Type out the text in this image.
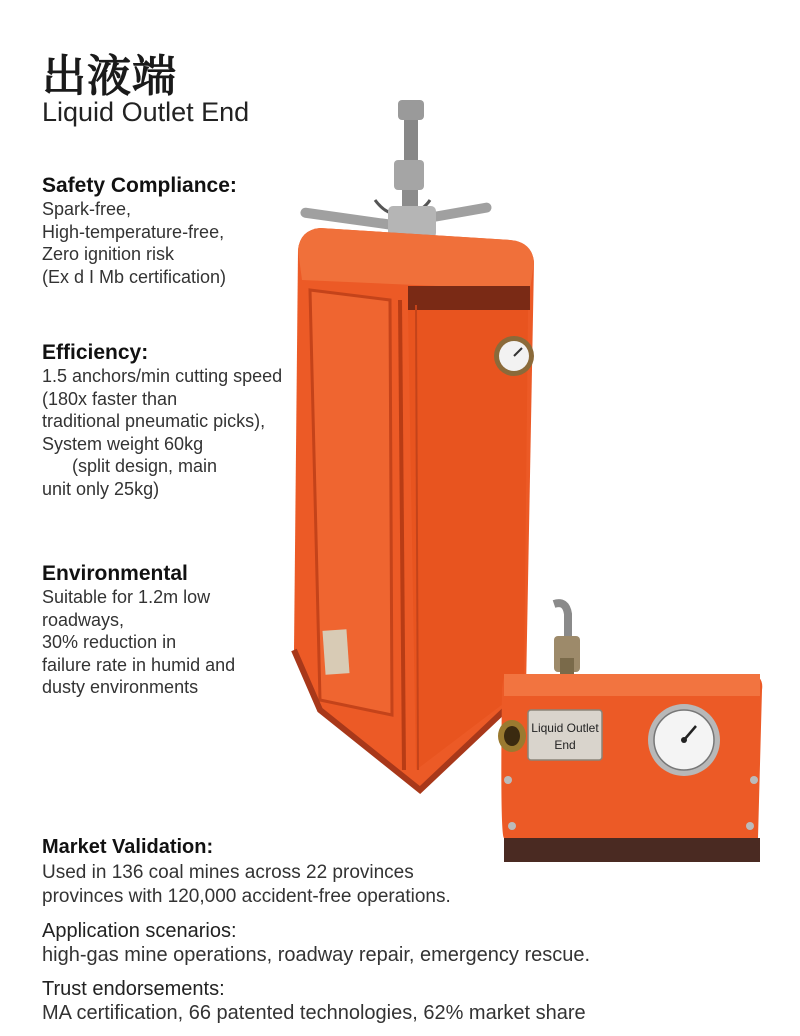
出液端
Liquid Outlet End
Safety Compliance:
Spark-free,
High-temperature-free,
Zero ignition risk
(Ex d I Mb certification)
Efficiency:
1.5 anchors/min cutting speed
(180x faster than
traditional pneumatic picks),
System weight 60kg
(split design, main
unit only 25kg)
Environmental
Suitable for 1.2m low
roadways,
30% reduction in
failure rate in humid and
dusty environments
Liquid Outlet
End
Market Validation:
Used in 136 coal mines across 22 provinces
provinces with 120,000 accident-free operations.
Application scenarios:
high-gas mine operations, roadway repair, emergency rescue.
Trust endorsements:
MA certification, 66 patented technologies, 62% market share
